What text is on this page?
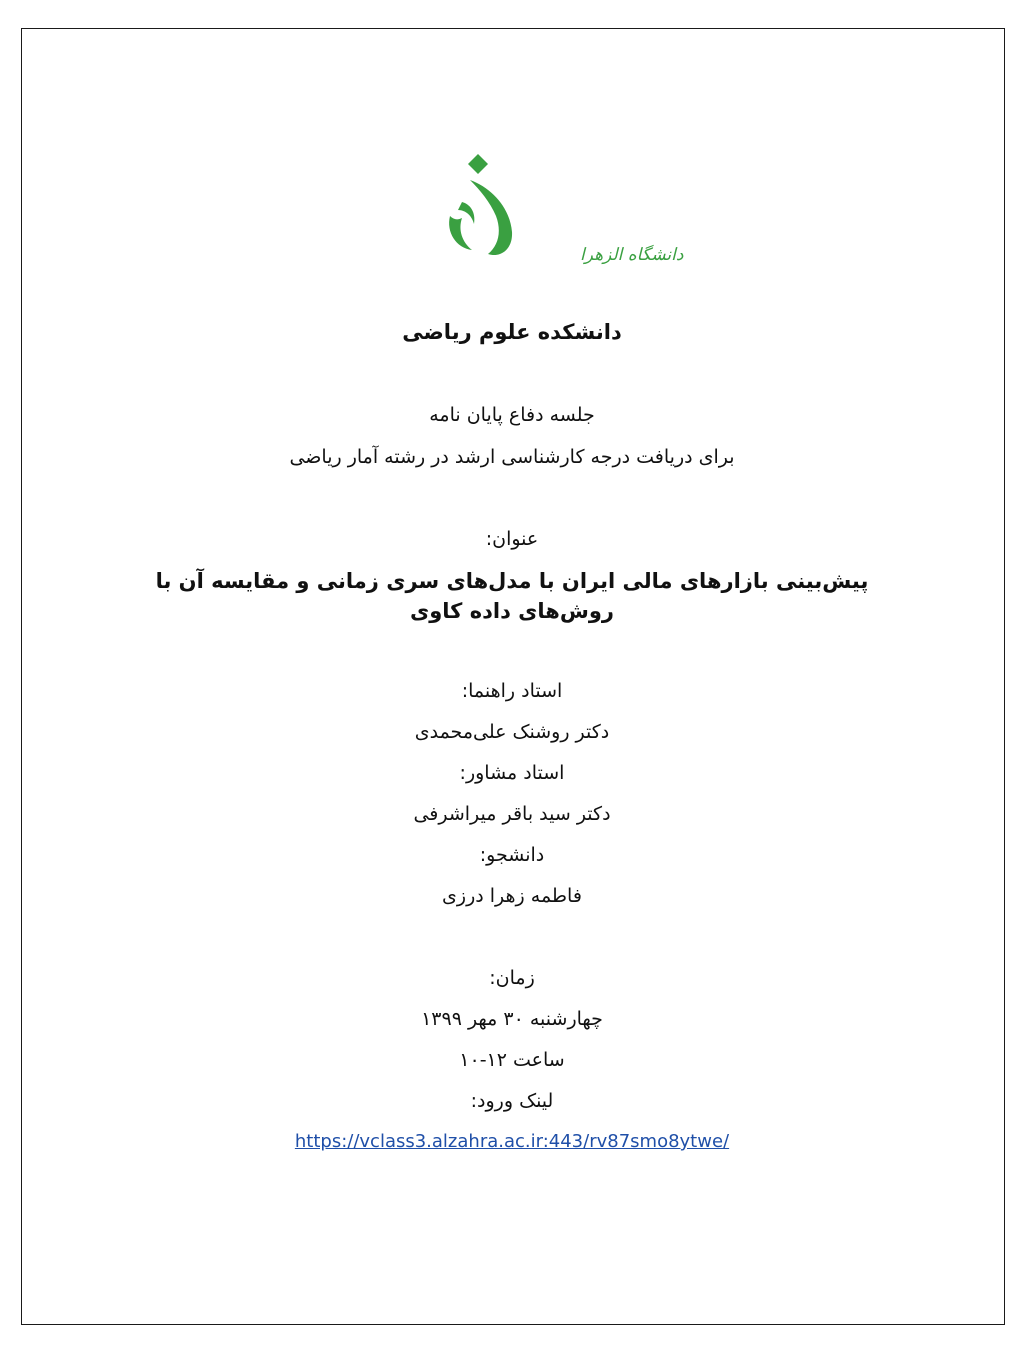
دانشگاه الزهرا
دانشکده علوم ریاضی
جلسه دفاع پایان نامه
برای دریافت درجه کارشناسی ارشد در رشته آمار ریاضی
عنوان:
پیش‌بینی بازارهای مالی ایران با مدل‌های سری زمانی و مقایسه آن با روش‌های داده کاوی
استاد راهنما:
دکتر روشنک علی‌محمدی
استاد مشاور:
دکتر سید باقر میراشرفی
دانشجو:
فاطمه زهرا درزی
زمان:
چهارشنبه ۳۰ مهر ۱۳۹۹
ساعت ۱۲-۱۰
لینک ورود:
https://vclass3.alzahra.ac.ir:443/rv87smo8ytwe/
